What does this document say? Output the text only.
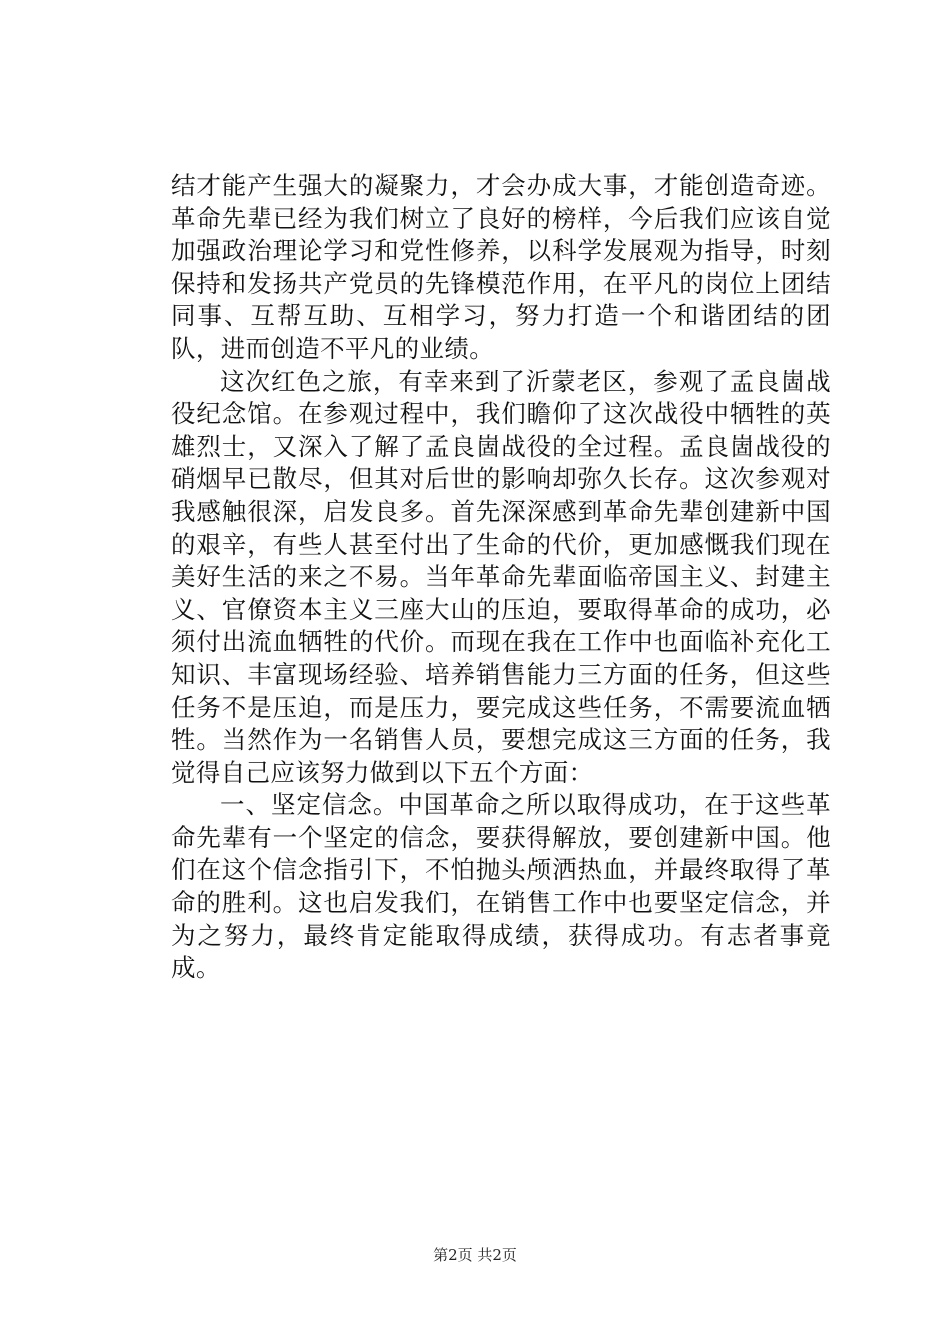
结才能产生强大的凝聚力，才会办成大事，才能创造奇迹。革命先辈已经为我们树立了良好的榜样，今后我们应该自觉加强政治理论学习和党性修养，以科学发展观为指导，时刻保持和发扬共产党员的先锋模范作用，在平凡的岗位上团结同事、互帮互助、互相学习，努力打造一个和谐团结的团队，进而创造不平凡的业绩。

这次红色之旅，有幸来到了沂蒙老区，参观了孟良崮战役纪念馆。在参观过程中，我们瞻仰了这次战役中牺牲的英雄烈士，又深入了解了孟良崮战役的全过程。孟良崮战役的硝烟早已散尽，但其对后世的影响却弥久长存。这次参观对我感触很深，启发良多。首先深深感到革命先辈创建新中国的艰辛，有些人甚至付出了生命的代价，更加感慨我们现在美好生活的来之不易。当年革命先辈面临帝国主义、封建主义、官僚资本主义三座大山的压迫，要取得革命的成功，必须付出流血牺牲的代价。而现在我在工作中也面临补充化工知识、丰富现场经验、培养销售能力三方面的任务，但这些任务不是压迫，而是压力，要完成这些任务，不需要流血牺牲。当然作为一名销售人员，要想完成这三方面的任务，我觉得自己应该努力做到以下五个方面：

一、坚定信念。中国革命之所以取得成功，在于这些革命先辈有一个坚定的信念，要获得解放，要创建新中国。他们在这个信念指引下，不怕抛头颅洒热血，并最终取得了革命的胜利。这也启发我们，在销售工作中也要坚定信念，并为之努力，最终肯定能取得成绩，获得成功。有志者事竟成。

第2页 共2页
